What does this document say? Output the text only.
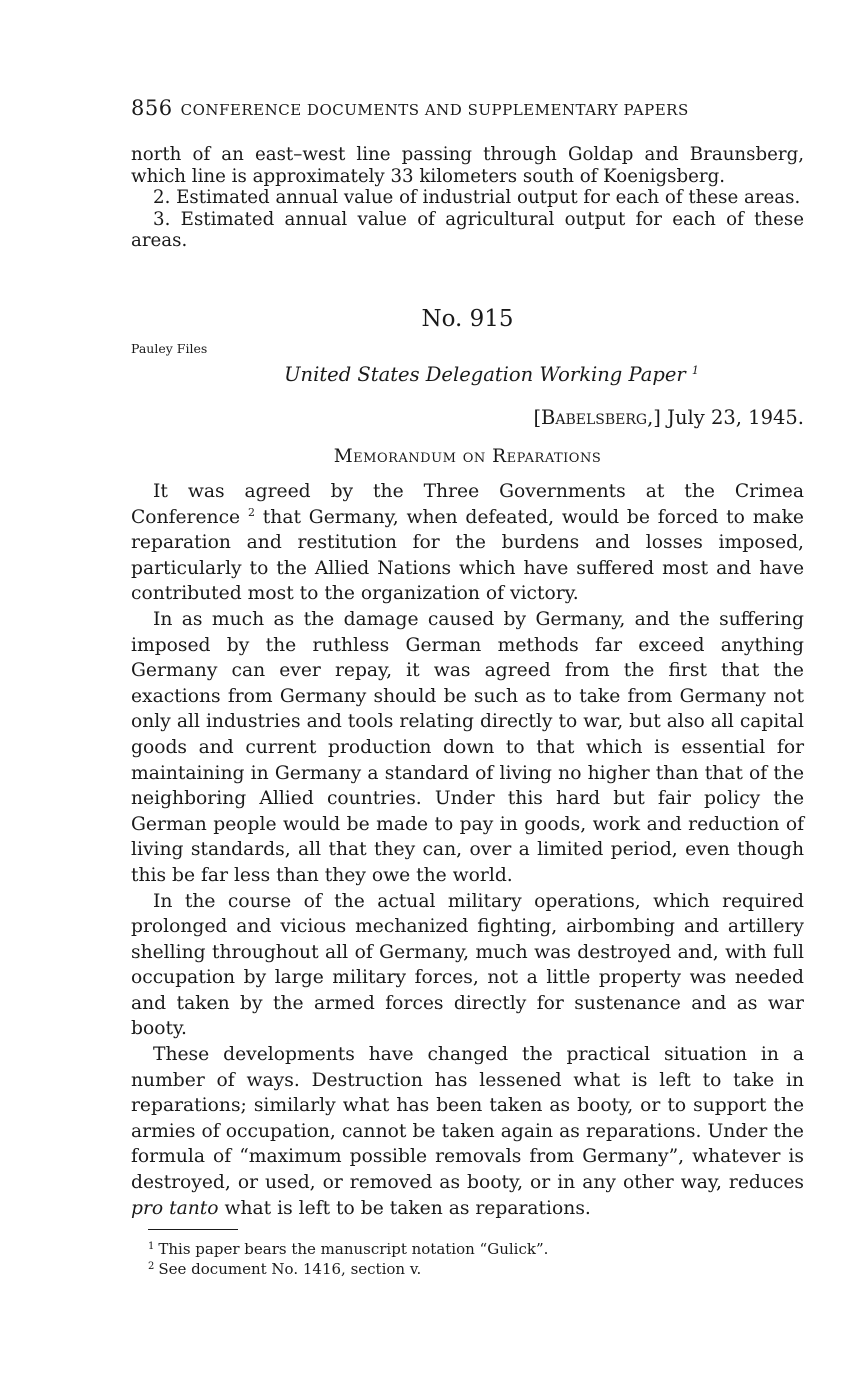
856 CONFERENCE DOCUMENTS AND SUPPLEMENTARY PAPERS

north of an east–west line passing through Goldap and Braunsberg, which line is approximately 33 kilometers south of Koenigsberg.

2. Estimated annual value of industrial output for each of these areas.

3. Estimated annual value of agricultural output for each of these areas.

No. 915
Pauley Files
United States Delegation Working Paper $^1$
[Babelsberg,] July 23, 1945.
Memorandum on Reparations

It was agreed by the Three Governments at the Crimea Conference $^2$ that Germany, when defeated, would be forced to make reparation and restitution for the burdens and losses imposed, particularly to the Allied Nations which have suffered most and have contributed most to the organization of victory.

In as much as the damage caused by Germany, and the suffering imposed by the ruthless German methods far exceed anything Germany can ever repay, it was agreed from the first that the exactions from Germany should be such as to take from Germany not only all industries and tools relating directly to war, but also all capital goods and current production down to that which is essential for maintaining in Germany a standard of living no higher than that of the neighboring Allied countries. Under this hard but fair policy the German people would be made to pay in goods, work and reduction of living standards, all that they can, over a limited period, even though this be far less than they owe the world.

In the course of the actual military operations, which required prolonged and vicious mechanized fighting, airbombing and artillery shelling throughout all of Germany, much was destroyed and, with full occupation by large military forces, not a little property was needed and taken by the armed forces directly for sustenance and as war booty.

These developments have changed the practical situation in a number of ways. Destruction has lessened what is left to take in reparations; similarly what has been taken as booty, or to support the armies of occupation, cannot be taken again as reparations. Under the formula of “maximum possible removals from Germany”, whatever is destroyed, or used, or removed as booty, or in any other way, reduces pro tanto what is left to be taken as reparations.

$^1$ This paper bears the manuscript notation “Gulick”.
$^2$ See document No. 1416, section v.
